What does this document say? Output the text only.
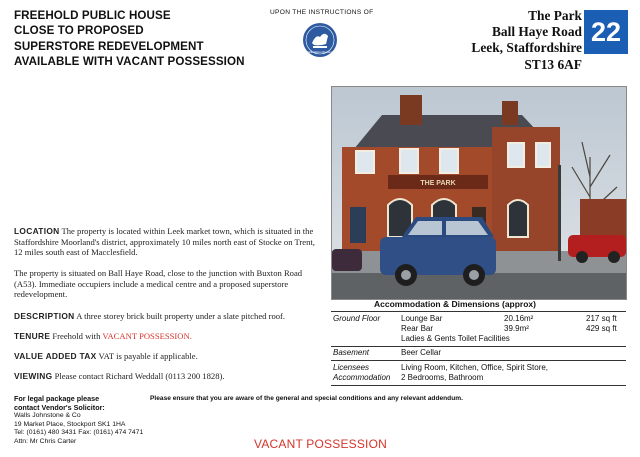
FREEHOLD PUBLIC HOUSE
CLOSE TO PROPOSED
SUPERSTORE REDEVELOPMENT
AVAILABLE WITH VACANT POSSESSION
UPON THE INSTRUCTIONS OF
Staffordshire Moorlands
The Park
Ball Haye Road
Leek, Staffordshire
ST13 6AF
22
THE PARK
LOCATION The property is located within Leek market town, which is situated in the Staffordshire Moorland's district, approximately 10 miles north east of Stocke on Trent, 12 miles south east of Macclesfield.
The property is situated on Ball Haye Road, close to the junction with Buxton Road (A53). Immediate occupiers include a medical centre and a proposed superstore redevelopment.
DESCRIPTION A three storey brick built property under a slate pitched roof.
TENURE Freehold with VACANT POSSESSION.
VALUE ADDED TAX VAT is payable if applicable.
VIEWING Please contact Richard Weddall (0113 200 1828).
Accommodation & Dimensions (approx)
Ground Floor	Lounge Bar	20.16m²	217 sq ft
Rear Bar	39.9m²	429 sq ft
Ladies & Gents Toilet Facilities
Basement	Beer Cellar
Licensees
Accommodation
Living Room, Kitchen, Office, Spirit Store,
2 Bedrooms, Bathroom
For legal package please
contact Vendor's Solicitor:
Walls Johnstone & Co
19 Market Place, Stockport SK1 1HA
Tel: (0161) 480 3431 Fax: (0161) 474 7471
Attn: Mr Chris Carter
Please ensure that you are aware of the general and special conditions and any relevant addendum.
VACANT POSSESSION
